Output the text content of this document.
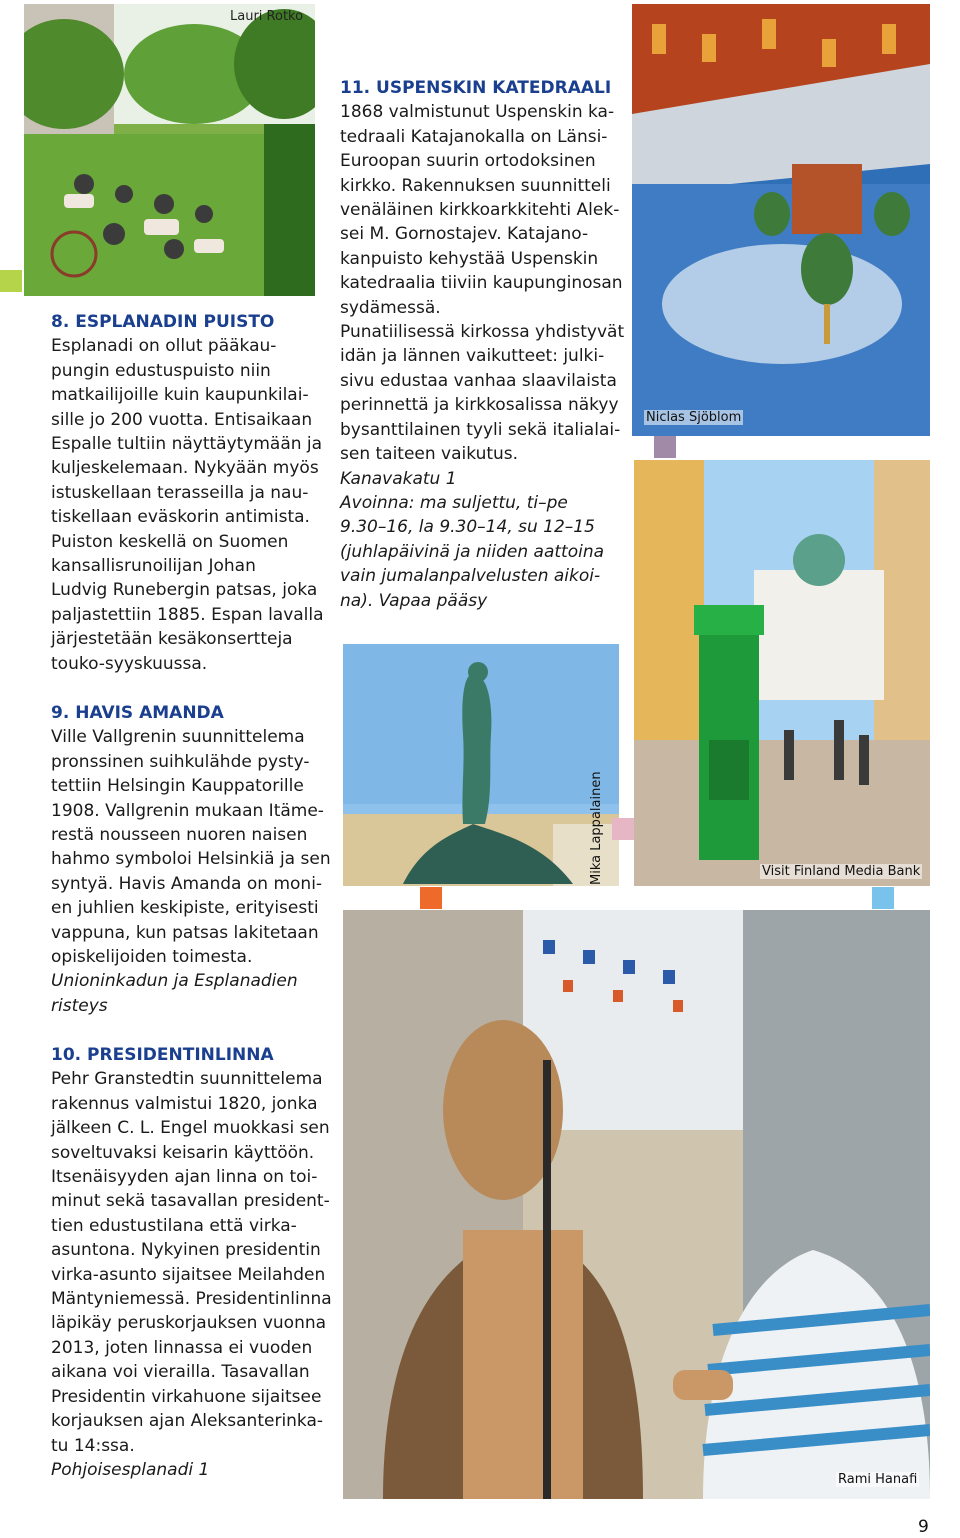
Lauri Rotko

8. ESPLANADIN PUISTO

Esplanadi on ollut pääkau-

pungin edustuspuisto niin

matkailijoille kuin kaupunkilai-

sille jo 200 vuotta. Entisaikaan

Espalle tultiin näyttäytymään ja

kuljeskelemaan. Nykyään myös

istuskellaan terasseilla ja nau-

tiskellaan eväskorin antimista.

Puiston keskellä on Suomen

kansallisrunoilijan Johan

Ludvig Runebergin patsas, joka

paljastettiin 1885. Espan lavalla

järjestetään kesäkonsertteja

touko-syyskuussa.

9. HAVIS AMANDA

Ville Vallgrenin suunnittelema

pronssinen suihkulähde pysty-

tettiin Helsingin Kauppatorille

1908. Vallgrenin mukaan Itäme-

restä nousseen nuoren naisen

hahmo symboloi Helsinkiä ja sen

syntyä. Havis Amanda on moni-

en juhlien keskipiste, erityisesti

vappuna, kun patsas lakitetaan

opiskelijoiden toimesta.

Unioninkadun ja Esplanadien

risteys

10. PRESIDENTINLINNA

Pehr Granstedtin suunnittelema

rakennus valmistui 1820, jonka

jälkeen C. L. Engel muokkasi sen

soveltuvaksi keisarin käyttöön.

Itsenäisyyden ajan linna on toi-

minut sekä tasavallan president-

tien edustustilana että virka-

asuntona. Nykyinen presidentin

virka-asunto sijaitsee Meilahden

Mäntyniemessä. Presidentinlinna

läpikäy peruskorjauksen vuonna

2013, joten linnassa ei vuoden

aikana voi vierailla. Tasavallan

Presidentin virkahuone sijaitsee

korjauksen ajan Aleksanterinka-

tu 14:ssa.

Pohjoisesplanadi 1

11. USPENSKIN KATEDRAALI

1868 valmistunut Uspenskin ka-

tedraali Katajanokalla on Länsi-

Euroopan suurin ortodoksinen

kirkko. Rakennuksen suunnitteli

venäläinen kirkkoarkkitehti Alek-

sei M. Gornostajev. Katajano-

kanpuisto kehystää Uspenskin

katedraalia tiiviin kaupunginosan

sydämessä.

Punatiilisessä kirkossa yhdistyvät

idän ja lännen vaikutteet: julki-

sivu edustaa vanhaa slaavilaista

perinnettä ja kirkkosalissa näkyy

bysanttilainen tyyli sekä italialai-

sen taiteen vaikutus.

Kanavakatu 1

Avoinna: ma suljettu, ti–pe

9.30–16, la 9.30–14, su 12–15

(juhlapäivinä ja niiden aattoina

vain jumalanpalvelusten aikoi-

na). Vapaa pääsy

Niclas Sjöblom
Mika Lappalainen	Visit Finland Media Bank
Rami Hanafi
9
